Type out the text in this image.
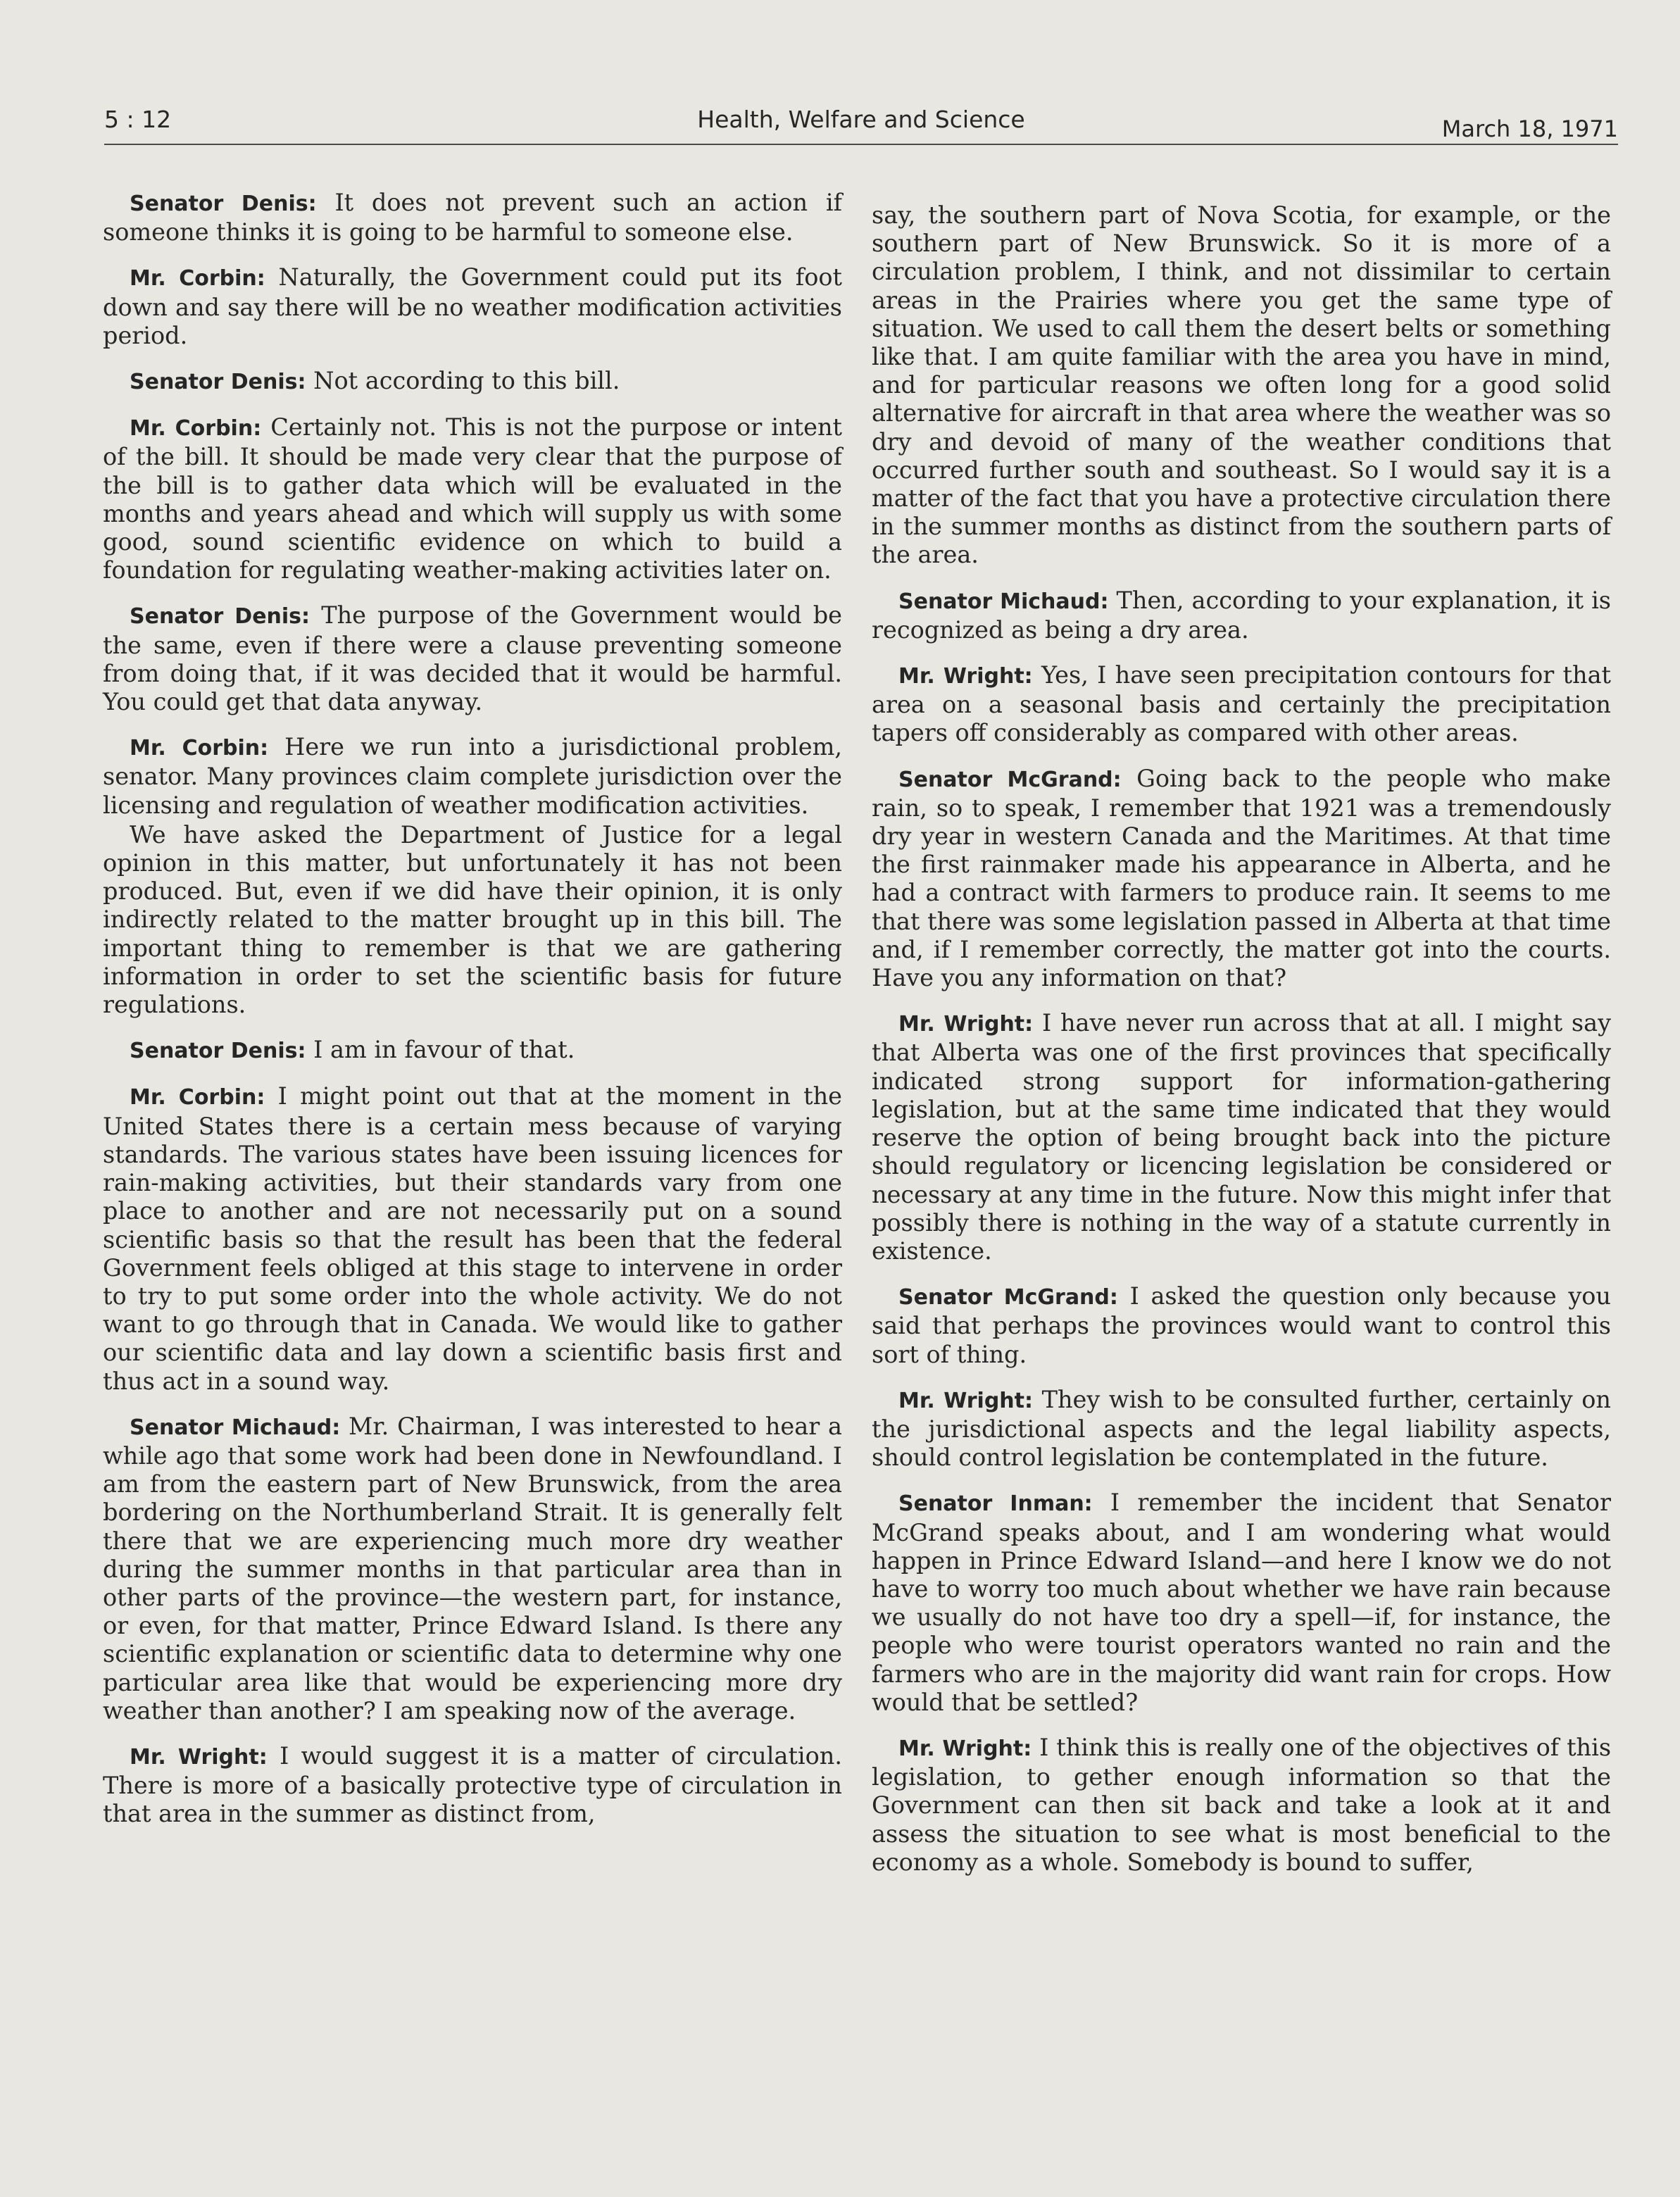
5 : 12	Health, Welfare and Science	March 18, 1971

Senator Denis: It does not prevent such an action if someone thinks it is going to be harmful to someone else.

Mr. Corbin: Naturally, the Government could put its foot down and say there will be no weather modification activities period.

Senator Denis: Not according to this bill.

Mr. Corbin: Certainly not. This is not the purpose or intent of the bill. It should be made very clear that the purpose of the bill is to gather data which will be evaluated in the months and years ahead and which will supply us with some good, sound scientific evidence on which to build a foundation for regulating weather-making activities later on.

Senator Denis: The purpose of the Government would be the same, even if there were a clause preventing someone from doing that, if it was decided that it would be harmful. You could get that data anyway.

Mr. Corbin: Here we run into a jurisdictional problem, senator. Many provinces claim complete jurisdiction over the licensing and regulation of weather modification activities.

We have asked the Department of Justice for a legal opinion in this matter, but unfortunately it has not been produced. But, even if we did have their opinion, it is only indirectly related to the matter brought up in this bill. The important thing to remember is that we are gathering information in order to set the scientific basis for future regulations.

Senator Denis: I am in favour of that.

Mr. Corbin: I might point out that at the moment in the United States there is a certain mess because of varying standards. The various states have been issuing licences for rain-making activities, but their standards vary from one place to another and are not necessarily put on a sound scientific basis so that the result has been that the federal Government feels obliged at this stage to intervene in order to try to put some order into the whole activity. We do not want to go through that in Canada. We would like to gather our scientific data and lay down a scientific basis first and thus act in a sound way.

Senator Michaud: Mr. Chairman, I was interested to hear a while ago that some work had been done in Newfoundland. I am from the eastern part of New Brunswick, from the area bordering on the Northumberland Strait. It is generally felt there that we are experiencing much more dry weather during the summer months in that particular area than in other parts of the province—the western part, for instance, or even, for that matter, Prince Edward Island. Is there any scientific explanation or scientific data to determine why one particular area like that would be experiencing more dry weather than another? I am speaking now of the average.

Mr. Wright: I would suggest it is a matter of circulation. There is more of a basically protective type of circulation in that area in the summer as distinct from,

say, the southern part of Nova Scotia, for example, or the southern part of New Brunswick. So it is more of a circulation problem, I think, and not dissimilar to certain areas in the Prairies where you get the same type of situation. We used to call them the desert belts or something like that. I am quite familiar with the area you have in mind, and for particular reasons we often long for a good solid alternative for aircraft in that area where the weather was so dry and devoid of many of the weather conditions that occurred further south and southeast. So I would say it is a matter of the fact that you have a protective circulation there in the summer months as distinct from the southern parts of the area.

Senator Michaud: Then, according to your explanation, it is recognized as being a dry area.

Mr. Wright: Yes, I have seen precipitation contours for that area on a seasonal basis and certainly the precipitation tapers off considerably as compared with other areas.

Senator McGrand: Going back to the people who make rain, so to speak, I remember that 1921 was a tremendously dry year in western Canada and the Maritimes. At that time the first rainmaker made his appearance in Alberta, and he had a contract with farmers to produce rain. It seems to me that there was some legislation passed in Alberta at that time and, if I remember correctly, the matter got into the courts. Have you any information on that?

Mr. Wright: I have never run across that at all. I might say that Alberta was one of the first provinces that specifically indicated strong support for information-gathering legislation, but at the same time indicated that they would reserve the option of being brought back into the picture should regulatory or licencing legislation be considered or necessary at any time in the future. Now this might infer that possibly there is nothing in the way of a statute currently in existence.

Senator McGrand: I asked the question only because you said that perhaps the provinces would want to control this sort of thing.

Mr. Wright: They wish to be consulted further, certainly on the jurisdictional aspects and the legal liability aspects, should control legislation be contemplated in the future.

Senator Inman: I remember the incident that Senator McGrand speaks about, and I am wondering what would happen in Prince Edward Island—and here I know we do not have to worry too much about whether we have rain because we usually do not have too dry a spell—if, for instance, the people who were tourist operators wanted no rain and the farmers who are in the majority did want rain for crops. How would that be settled?

Mr. Wright: I think this is really one of the objectives of this legislation, to gether enough information so that the Government can then sit back and take a look at it and assess the situation to see what is most beneficial to the economy as a whole. Somebody is bound to suffer,
